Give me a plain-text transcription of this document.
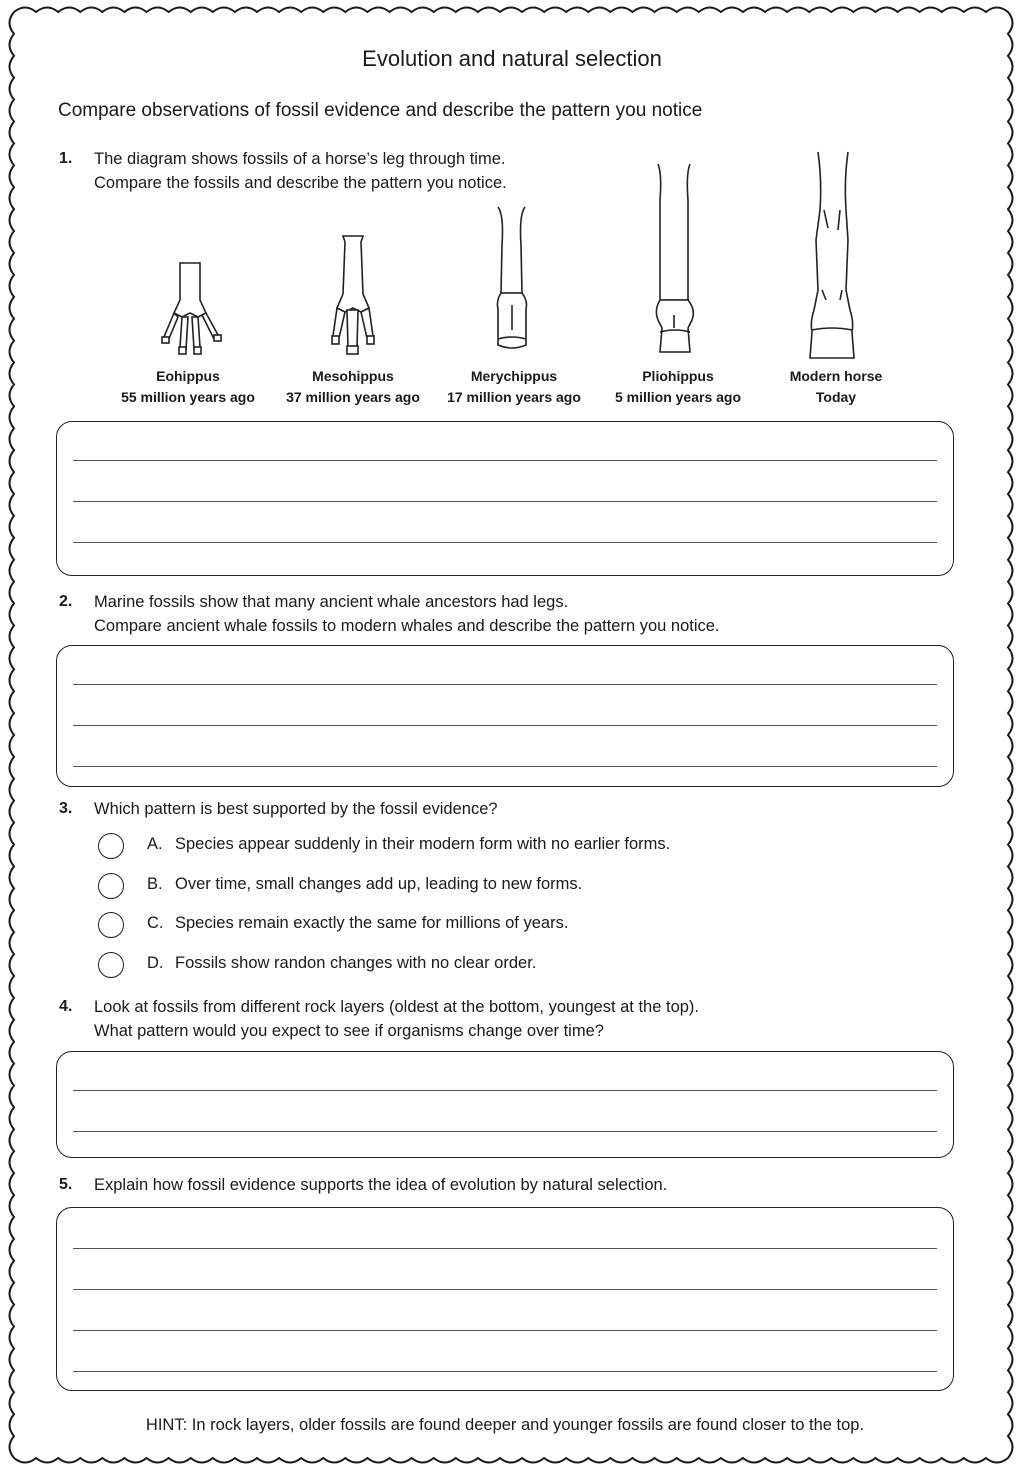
Evolution and natural selection
Compare observations of fossil evidence and describe the pattern you notice
1. The diagram shows fossils of a horse’s leg through time.
Compare the fossils and describe the pattern you notice.
Eohippus
55 million years ago
Mesohippus
37 million years ago
Merychippus
17 million years ago
Pliohippus
5 million years ago
Modern horse
Today
2. Marine fossils show that many ancient whale ancestors had legs.
Compare ancient whale fossils to modern whales and describe the pattern you notice.
3. Which pattern is best supported by the fossil evidence?
A. Species appear suddenly in their modern form with no earlier forms.
B. Over time, small changes add up, leading to new forms.
C. Species remain exactly the same for millions of years.
D. Fossils show randon changes with no clear order.
4. Look at fossils from different rock layers (oldest at the bottom, youngest at the top).
What pattern would you expect to see if organisms change over time?
5. Explain how fossil evidence supports the idea of evolution by natural selection.
HINT: In rock layers, older fossils are found deeper and younger fossils are found closer to the top.
